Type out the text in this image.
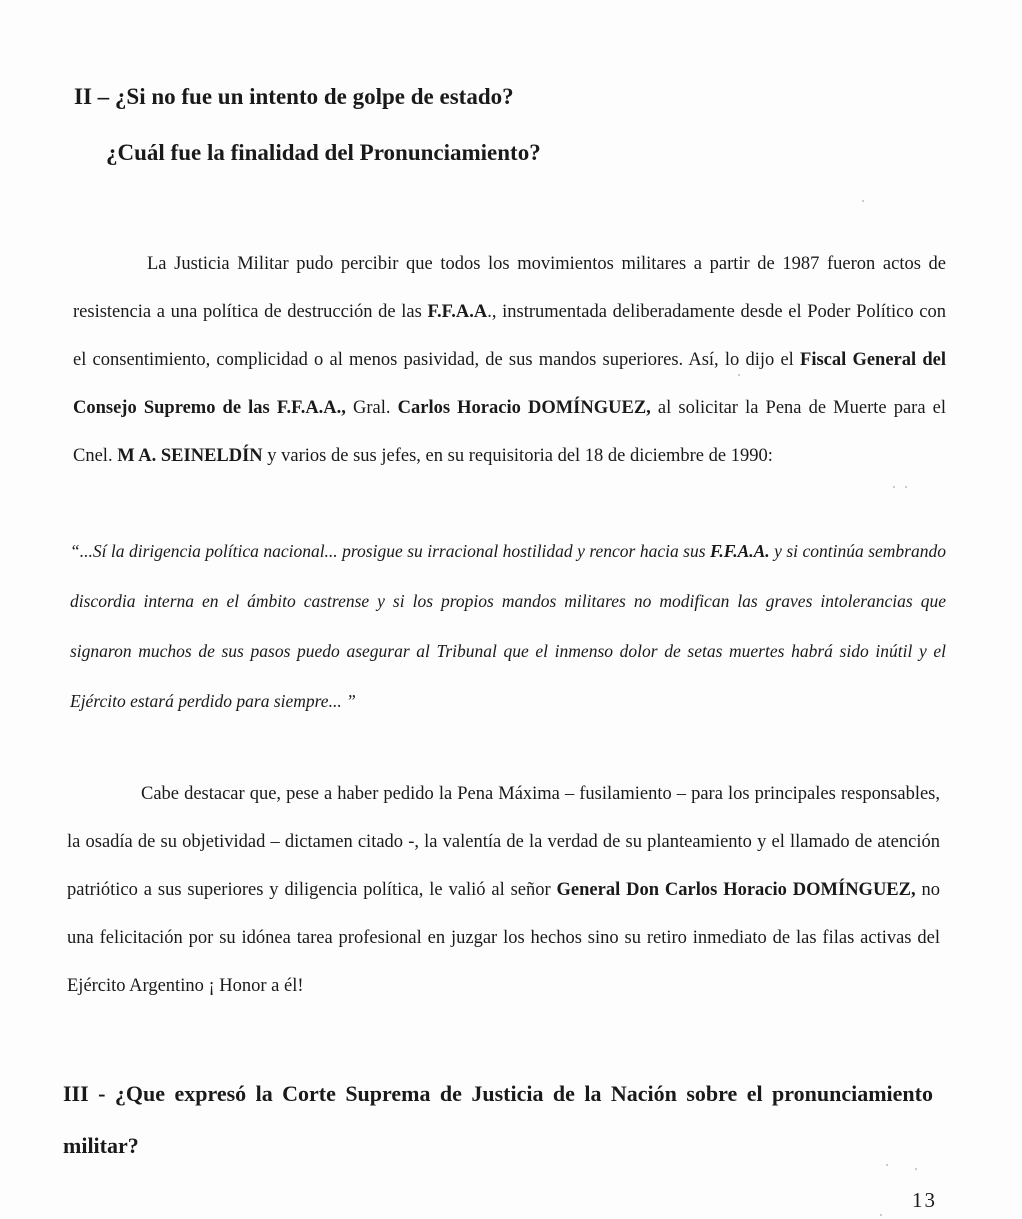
II – ¿Si no fue un intento de golpe de estado?
¿Cuál fue la finalidad del Pronunciamiento?
La Justicia Militar pudo percibir que todos los movimientos militares a partir de 1987 fueron actos de resistencia a una política de destrucción de las F.F.A.A., instrumentada deliberadamente desde el Poder Político con el consentimiento, complicidad o al menos pasividad, de sus mandos superiores. Así, lo dijo el Fiscal General del Consejo Supremo de las F.F.A.A., Gral. Carlos Horacio DOMÍNGUEZ, al solicitar la Pena de Muerte para el Cnel. M A. SEINELDÍN y varios de sus jefes, en su requisitoria del 18 de diciembre de 1990:
“...Sí la dirigencia política nacional... prosigue su irracional hostilidad y rencor hacia sus F.F.A.A. y si continúa sembrando discordia interna en el ámbito castrense y si los propios mandos militares no modifican las graves intolerancias que signaron muchos de sus pasos puedo asegurar al Tribunal que el inmenso dolor de setas muertes habrá sido inútil y el Ejército estará perdido para siempre... ”
Cabe destacar que, pese a haber pedido la Pena Máxima – fusilamiento – para los principales responsables, la osadía de su objetividad – dictamen citado -, la valentía de la verdad de su planteamiento y el llamado de atención patriótico a sus superiores y diligencia política, le valió al señor General Don Carlos Horacio DOMÍNGUEZ, no una felicitación por su idónea tarea profesional en juzgar los hechos sino su retiro inmediato de las filas activas del Ejército Argentino ¡ Honor a él!
III - ¿Que expresó la Corte Suprema de Justicia de la Nación sobre el pronunciamiento militar?
13
